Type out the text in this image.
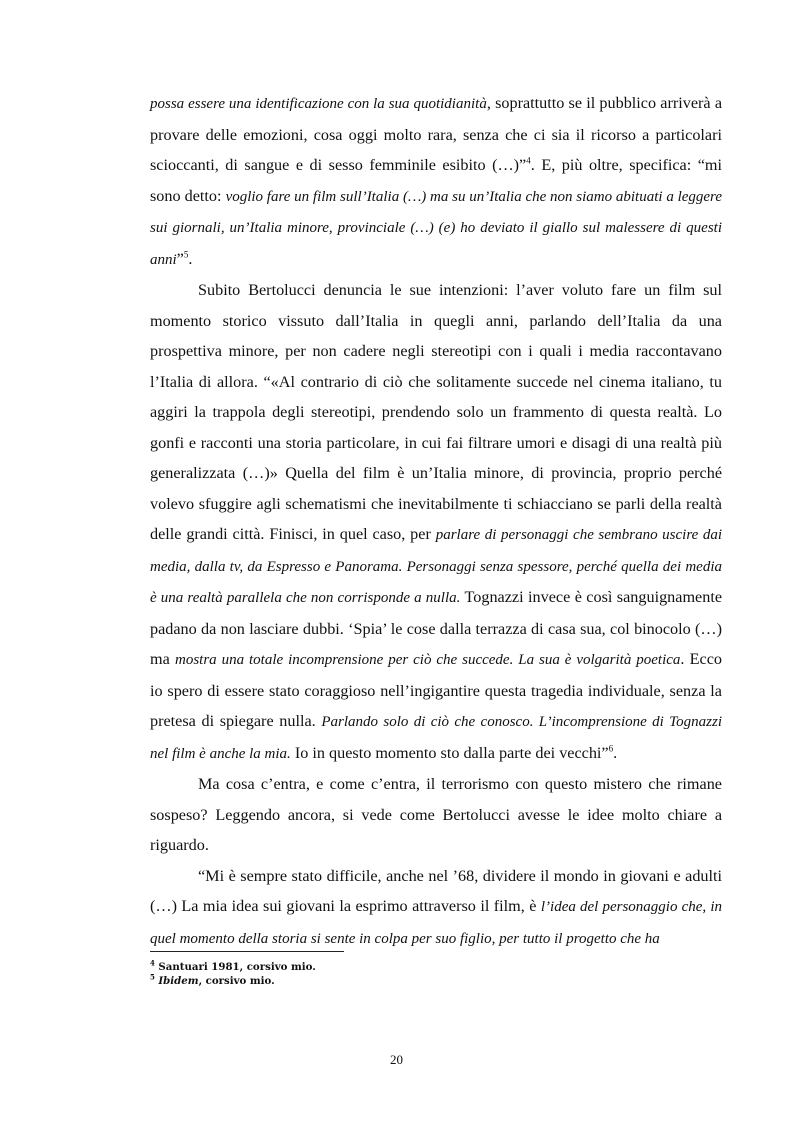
possa essere una identificazione con la sua quotidianità, soprattutto se il pubblico arriverà a provare delle emozioni, cosa oggi molto rara, senza che ci sia il ricorso a particolari scioccanti, di sangue e di sesso femminile esibito (…)”$^4$. E, più oltre, specifica: “mi sono detto: voglio fare un film sull’Italia (…) ma su un’Italia che non siamo abituati a leggere sui giornali, un’Italia minore, provinciale (…) (e) ho deviato il giallo sul malessere di questi anni”$^5$.

Subito Bertolucci denuncia le sue intenzioni: l’aver voluto fare un film sul momento storico vissuto dall’Italia in quegli anni, parlando dell’Italia da una prospettiva minore, per non cadere negli stereotipi con i quali i media raccontavano l’Italia di allora. “«Al contrario di ciò che solitamente succede nel cinema italiano, tu aggiri la trappola degli stereotipi, prendendo solo un frammento di questa realtà. Lo gonfi e racconti una storia particolare, in cui fai filtrare umori e disagi di una realtà più generalizzata (…)» Quella del film è un’Italia minore, di provincia, proprio perché volevo sfuggire agli schematismi che inevitabilmente ti schiacciano se parli della realtà delle grandi città. Finisci, in quel caso, per parlare di personaggi che sembrano uscire dai media, dalla tv, da Espresso e Panorama. Personaggi senza spessore, perché quella dei media è una realtà parallela che non corrisponde a nulla. Tognazzi invece è così sanguignamente padano da non lasciare dubbi. ‘Spia’ le cose dalla terrazza di casa sua, col binocolo (…) ma mostra una totale incomprensione per ciò che succede. La sua è volgarità poetica. Ecco io spero di essere stato coraggioso nell’ingigantire questa tragedia individuale, senza la pretesa di spiegare nulla. Parlando solo di ciò che conosco. L’incomprensione di Tognazzi nel film è anche la mia. Io in questo momento sto dalla parte dei vecchi”$^6$.

Ma cosa c’entra, e come c’entra, il terrorismo con questo mistero che rimane sospeso? Leggendo ancora, si vede come Bertolucci avesse le idee molto chiare a riguardo.

“Mi è sempre stato difficile, anche nel ’68, dividere il mondo in giovani e adulti (…) La mia idea sui giovani la esprimo attraverso il film, è l’idea del personaggio che, in quel momento della storia si sente in colpa per suo figlio, per tutto il progetto che ha

$^4$ Santuari 1981, corsivo mio.
$^5$ Ibidem, corsivo mio.
20
